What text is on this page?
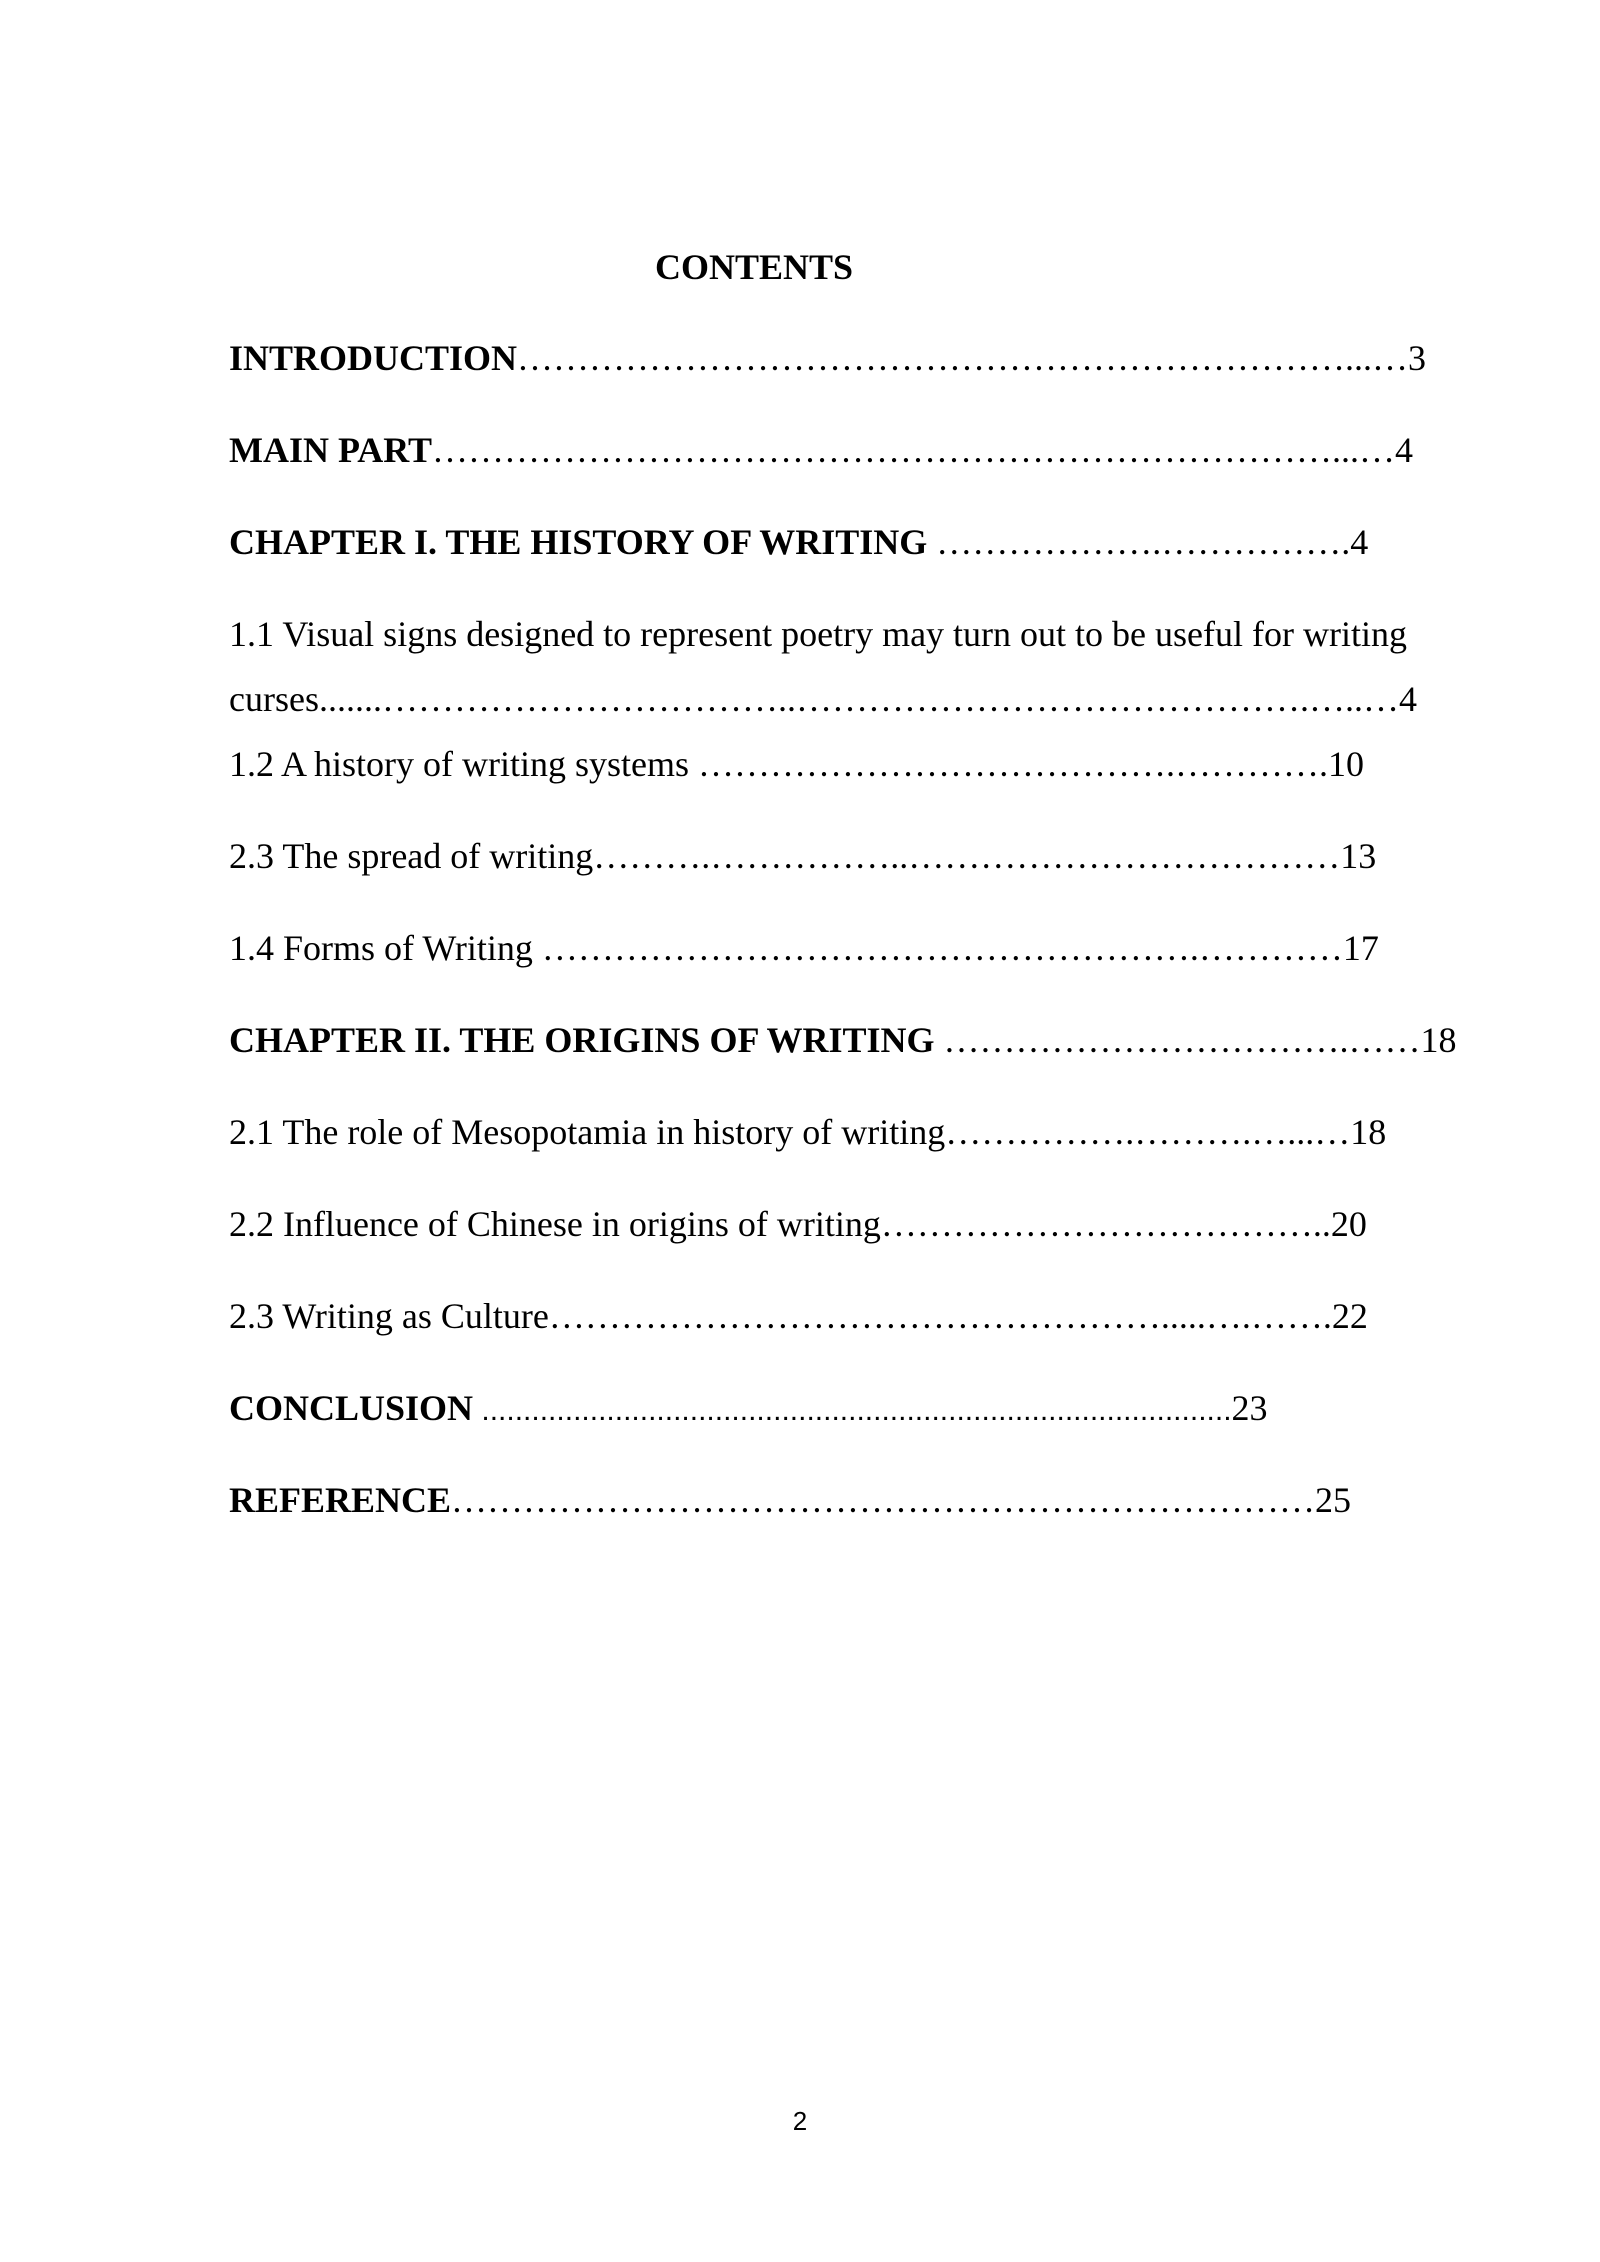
CONTENTS
INTRODUCTION……………………………………………………………...…3
MAIN PART…………………………………………………………………...…4
CHAPTER I. THE HISTORY OF WRITING ……………….…………….4
1.1 Visual signs designed to represent poetry may turn out to be useful for writing
curses.......……………………………..…………………………………….…..…4
1.2 A history of writing systems ………………………………….………….10
2.3 The spread of writing……….……………..………………………………13
1.4 Forms of Writing ……………………………………………….…………17
CHAPTER II. THE ORIGINS OF WRITING …………………………….……18
2.1 The role of Mesopotamia in history of writing…………….……….…...…18
2.2 Influence of Chinese in origins of writing………………………………..20
2.3 Writing as Culture…………………………………………….....….…….22
CONCLUSION ..........................................................................................23
REFERENCE………………………………………………………………25
2
